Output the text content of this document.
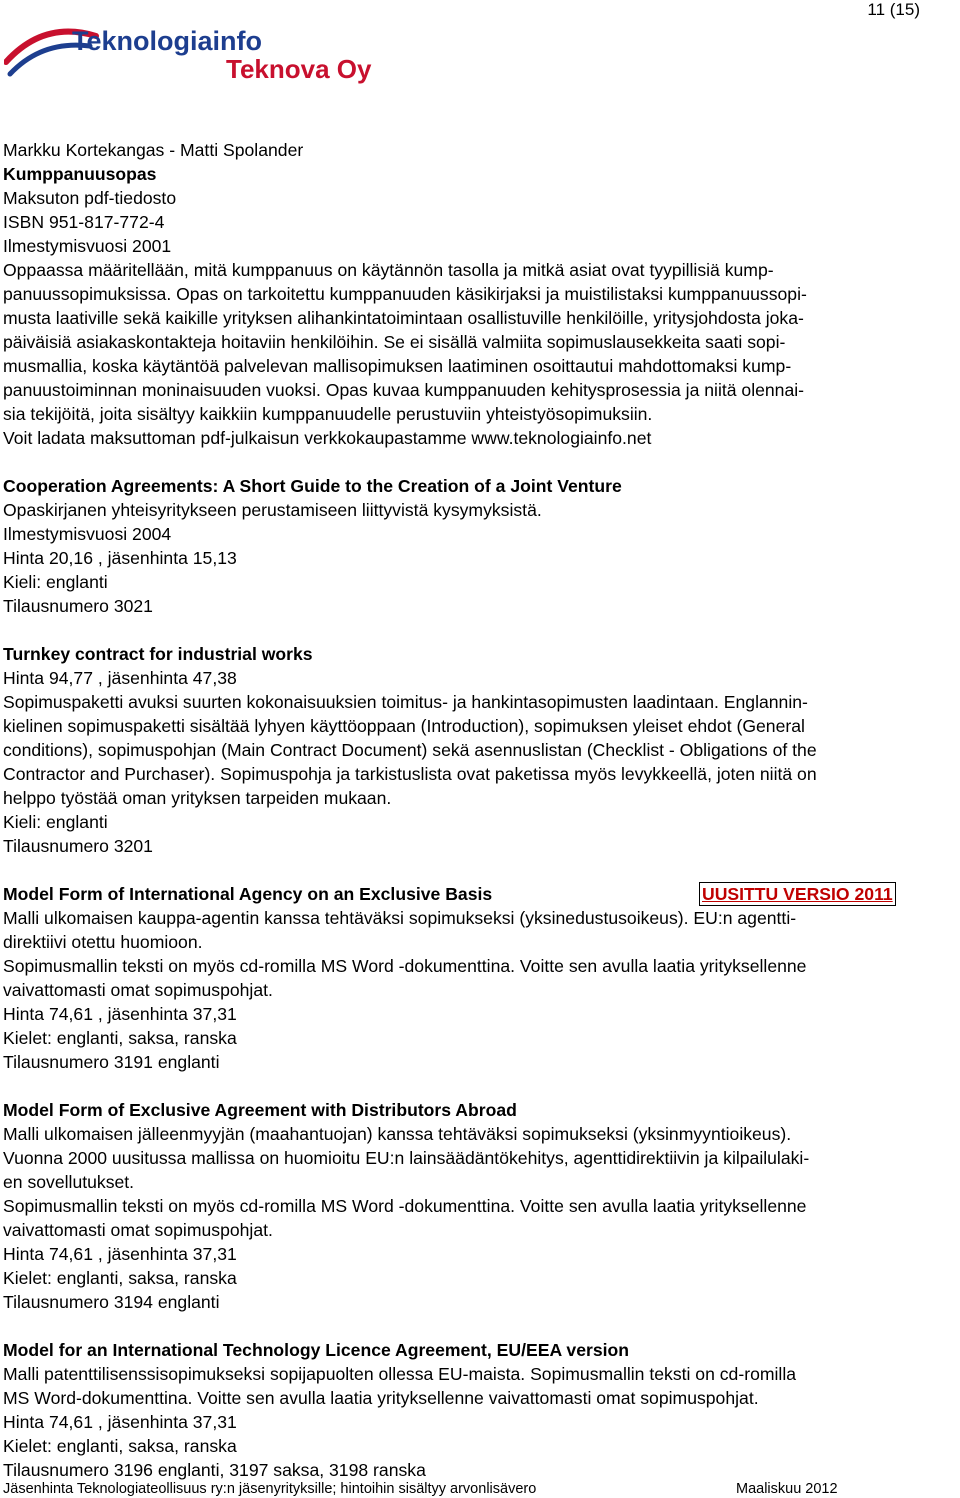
11 (15)
Teknologiainfo
Teknova Oy
Markku Kortekangas - Matti Spolander
Kumppanuusopas
Maksuton pdf-tiedosto
ISBN 951-817-772-4
Ilmestymisvuosi 2001
Oppaassa määritellään, mitä kumppanuus on käytännön tasolla ja mitkä asiat ovat tyypillisiä kump-
panuussopimuksissa. Opas on tarkoitettu kumppanuuden käsikirjaksi ja muistilistaksi kumppanuussopi-
musta laativille sekä kaikille yrityksen alihankintatoimintaan osallistuville henkilöille, yritysjohdosta joka-
päiväisiä asiakaskontakteja hoitaviin henkilöihin. Se ei sisällä valmiita sopimuslausekkeita saati sopi-
musmallia, koska käytäntöä palvelevan mallisopimuksen laatiminen osoittautui mahdottomaksi kump-
panuustoiminnan moninaisuuden vuoksi. Opas kuvaa kumppanuuden kehitysprosessia ja niitä olennai-
sia tekijöitä, joita sisältyy kaikkiin kumppanuudelle perustuviin yhteistyösopimuksiin.
Voit ladata maksuttoman pdf-julkaisun verkkokaupastamme www.teknologiainfo.net
Cooperation Agreements: A Short Guide to the Creation of a Joint Venture
Opaskirjanen yhteisyritykseen perustamiseen liittyvistä kysymyksistä.
Ilmestymisvuosi 2004
Hinta 20,16 , jäsenhinta 15,13
Kieli: englanti
Tilausnumero 3021
Turnkey contract for industrial works
Hinta 94,77 , jäsenhinta 47,38
Sopimuspaketti avuksi suurten kokonaisuuksien toimitus- ja hankintasopimusten laadintaan. Englannin-
kielinen sopimuspaketti sisältää lyhyen käyttöoppaan (Introduction), sopimuksen yleiset ehdot (General
conditions), sopimuspohjan (Main Contract Document) sekä asennuslistan (Checklist - Obligations of the
Contractor and Purchaser). Sopimuspohja ja tarkistuslista ovat paketissa myös levykkeellä, joten niitä on
helppo työstää oman yrityksen tarpeiden mukaan.
Kieli: englanti
Tilausnumero 3201
Model Form of International Agency on an Exclusive Basis	UUSITTU VERSIO 2011
Malli ulkomaisen kauppa-agentin kanssa tehtäväksi sopimukseksi (yksinedustusoikeus). EU:n agentti-
direktiivi otettu huomioon.
Sopimusmallin teksti on myös cd-romilla MS Word -dokumenttina. Voitte sen avulla laatia yrityksellenne
vaivattomasti omat sopimuspohjat.
Hinta 74,61 , jäsenhinta 37,31
Kielet: englanti, saksa, ranska
Tilausnumero 3191 englanti
Model Form of Exclusive Agreement with Distributors Abroad
Malli ulkomaisen jälleenmyyjän (maahantuojan) kanssa tehtäväksi sopimukseksi (yksinmyyntioikeus).
Vuonna 2000 uusitussa mallissa on huomioitu EU:n lainsäädäntökehitys, agenttidirektiivin ja kilpailulaki-
en sovellutukset.
Sopimusmallin teksti on myös cd-romilla MS Word -dokumenttina. Voitte sen avulla laatia yrityksellenne
vaivattomasti omat sopimuspohjat.
Hinta 74,61 , jäsenhinta 37,31
Kielet: englanti, saksa, ranska
Tilausnumero 3194 englanti
Model for an International Technology Licence Agreement, EU/EEA version
Malli patenttilisenssisopimukseksi sopijapuolten ollessa EU-maista. Sopimusmallin teksti on cd-romilla
MS Word-dokumenttina. Voitte sen avulla laatia yrityksellenne vaivattomasti omat sopimuspohjat.
Hinta 74,61 , jäsenhinta 37,31
Kielet: englanti, saksa, ranska
Tilausnumero 3196 englanti, 3197 saksa, 3198 ranska
Jäsenhinta Teknologiateollisuus ry:n jäsenyrityksille; hintoihin sisältyy arvonlisävero	Maaliskuu 2012
